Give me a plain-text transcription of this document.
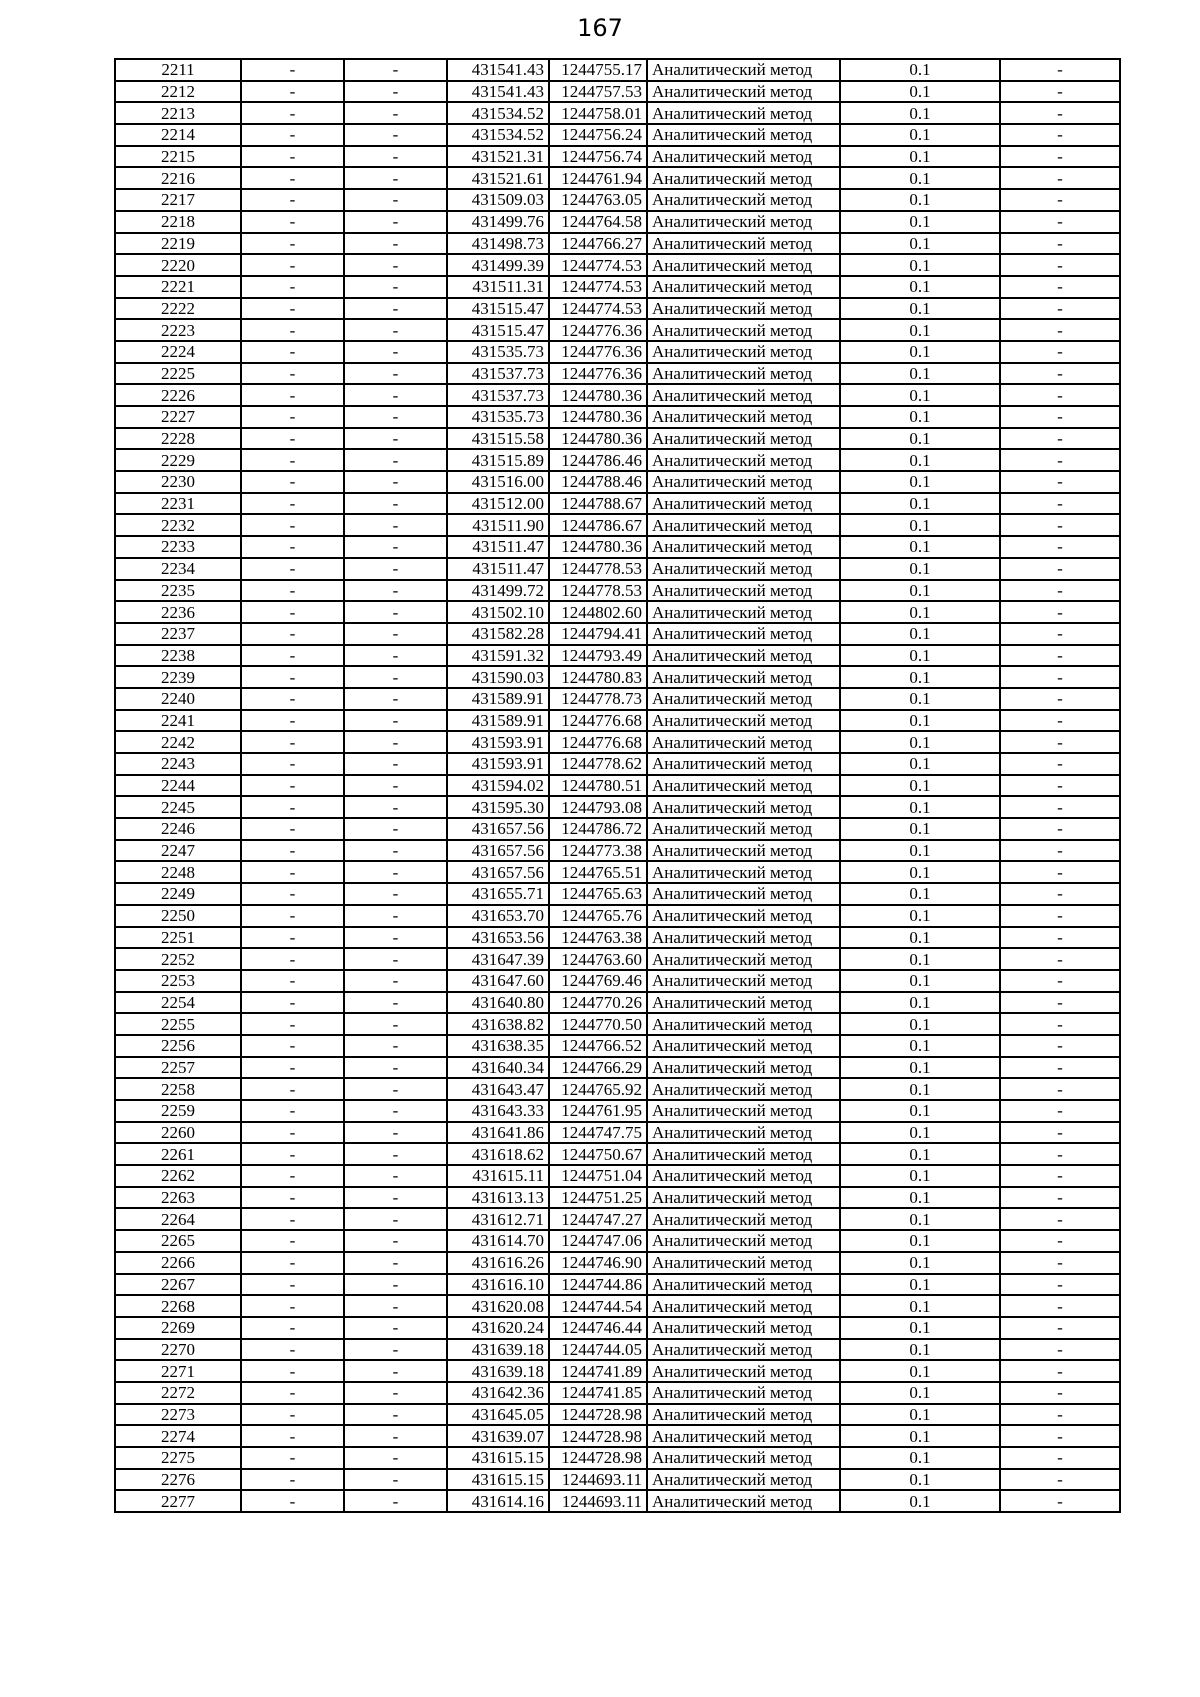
167
2211	-	-	431541.43	1244755.17	Аналитический метод	0.1	-
2212	-	-	431541.43	1244757.53	Аналитический метод	0.1	-
2213	-	-	431534.52	1244758.01	Аналитический метод	0.1	-
2214	-	-	431534.52	1244756.24	Аналитический метод	0.1	-
2215	-	-	431521.31	1244756.74	Аналитический метод	0.1	-
2216	-	-	431521.61	1244761.94	Аналитический метод	0.1	-
2217	-	-	431509.03	1244763.05	Аналитический метод	0.1	-
2218	-	-	431499.76	1244764.58	Аналитический метод	0.1	-
2219	-	-	431498.73	1244766.27	Аналитический метод	0.1	-
2220	-	-	431499.39	1244774.53	Аналитический метод	0.1	-
2221	-	-	431511.31	1244774.53	Аналитический метод	0.1	-
2222	-	-	431515.47	1244774.53	Аналитический метод	0.1	-
2223	-	-	431515.47	1244776.36	Аналитический метод	0.1	-
2224	-	-	431535.73	1244776.36	Аналитический метод	0.1	-
2225	-	-	431537.73	1244776.36	Аналитический метод	0.1	-
2226	-	-	431537.73	1244780.36	Аналитический метод	0.1	-
2227	-	-	431535.73	1244780.36	Аналитический метод	0.1	-
2228	-	-	431515.58	1244780.36	Аналитический метод	0.1	-
2229	-	-	431515.89	1244786.46	Аналитический метод	0.1	-
2230	-	-	431516.00	1244788.46	Аналитический метод	0.1	-
2231	-	-	431512.00	1244788.67	Аналитический метод	0.1	-
2232	-	-	431511.90	1244786.67	Аналитический метод	0.1	-
2233	-	-	431511.47	1244780.36	Аналитический метод	0.1	-
2234	-	-	431511.47	1244778.53	Аналитический метод	0.1	-
2235	-	-	431499.72	1244778.53	Аналитический метод	0.1	-
2236	-	-	431502.10	1244802.60	Аналитический метод	0.1	-
2237	-	-	431582.28	1244794.41	Аналитический метод	0.1	-
2238	-	-	431591.32	1244793.49	Аналитический метод	0.1	-
2239	-	-	431590.03	1244780.83	Аналитический метод	0.1	-
2240	-	-	431589.91	1244778.73	Аналитический метод	0.1	-
2241	-	-	431589.91	1244776.68	Аналитический метод	0.1	-
2242	-	-	431593.91	1244776.68	Аналитический метод	0.1	-
2243	-	-	431593.91	1244778.62	Аналитический метод	0.1	-
2244	-	-	431594.02	1244780.51	Аналитический метод	0.1	-
2245	-	-	431595.30	1244793.08	Аналитический метод	0.1	-
2246	-	-	431657.56	1244786.72	Аналитический метод	0.1	-
2247	-	-	431657.56	1244773.38	Аналитический метод	0.1	-
2248	-	-	431657.56	1244765.51	Аналитический метод	0.1	-
2249	-	-	431655.71	1244765.63	Аналитический метод	0.1	-
2250	-	-	431653.70	1244765.76	Аналитический метод	0.1	-
2251	-	-	431653.56	1244763.38	Аналитический метод	0.1	-
2252	-	-	431647.39	1244763.60	Аналитический метод	0.1	-
2253	-	-	431647.60	1244769.46	Аналитический метод	0.1	-
2254	-	-	431640.80	1244770.26	Аналитический метод	0.1	-
2255	-	-	431638.82	1244770.50	Аналитический метод	0.1	-
2256	-	-	431638.35	1244766.52	Аналитический метод	0.1	-
2257	-	-	431640.34	1244766.29	Аналитический метод	0.1	-
2258	-	-	431643.47	1244765.92	Аналитический метод	0.1	-
2259	-	-	431643.33	1244761.95	Аналитический метод	0.1	-
2260	-	-	431641.86	1244747.75	Аналитический метод	0.1	-
2261	-	-	431618.62	1244750.67	Аналитический метод	0.1	-
2262	-	-	431615.11	1244751.04	Аналитический метод	0.1	-
2263	-	-	431613.13	1244751.25	Аналитический метод	0.1	-
2264	-	-	431612.71	1244747.27	Аналитический метод	0.1	-
2265	-	-	431614.70	1244747.06	Аналитический метод	0.1	-
2266	-	-	431616.26	1244746.90	Аналитический метод	0.1	-
2267	-	-	431616.10	1244744.86	Аналитический метод	0.1	-
2268	-	-	431620.08	1244744.54	Аналитический метод	0.1	-
2269	-	-	431620.24	1244746.44	Аналитический метод	0.1	-
2270	-	-	431639.18	1244744.05	Аналитический метод	0.1	-
2271	-	-	431639.18	1244741.89	Аналитический метод	0.1	-
2272	-	-	431642.36	1244741.85	Аналитический метод	0.1	-
2273	-	-	431645.05	1244728.98	Аналитический метод	0.1	-
2274	-	-	431639.07	1244728.98	Аналитический метод	0.1	-
2275	-	-	431615.15	1244728.98	Аналитический метод	0.1	-
2276	-	-	431615.15	1244693.11	Аналитический метод	0.1	-
2277	-	-	431614.16	1244693.11	Аналитический метод	0.1	-
